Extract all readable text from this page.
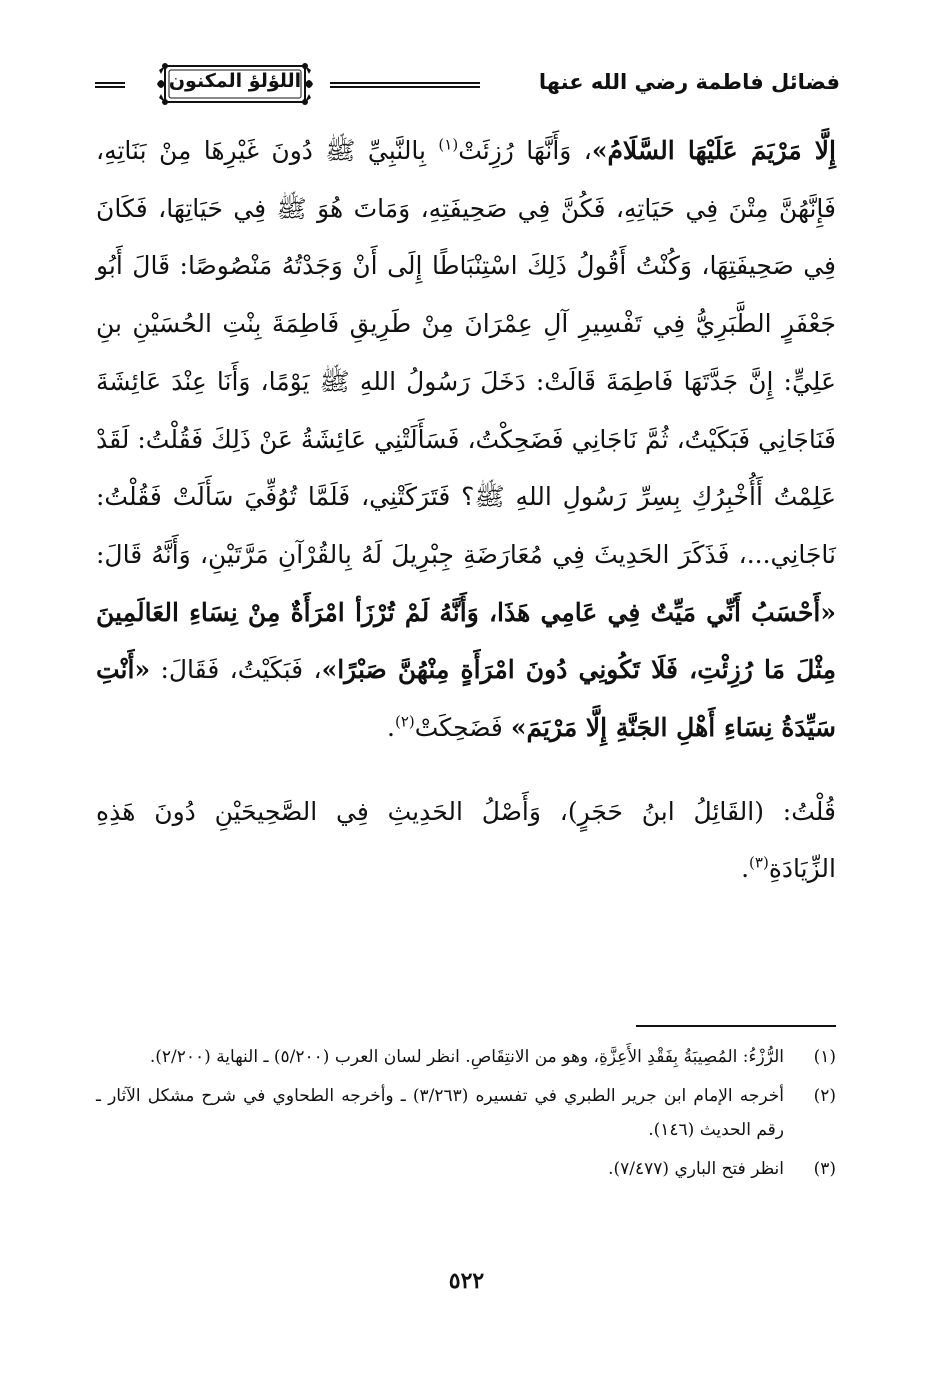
فضائل فاطمة رضي الله عنها
اللؤلؤ المكنون

إِلَّا مَرْيَمَ عَلَيْهَا السَّلَامُ»، وَأَنَّهَا رُزِئَتْ$^{(١)}$ بِالنَّبِيِّ ﷺ دُونَ غَيْرِهَا مِنْ بَنَاتِهِ، فَإِنَّهُنَّ مِتْنَ فِي حَيَاتِهِ، فَكُنَّ فِي صَحِيفَتِهِ، وَمَاتَ هُوَ ﷺ فِي حَيَاتِهَا، فَكَانَ فِي صَحِيفَتِهَا، وَكُنْتُ أَقُولُ ذَلِكَ اسْتِنْبَاطًا إِلَى أَنْ وَجَدْتُهُ مَنْصُوصًا: قَالَ أَبُو جَعْفَرٍ الطَّبَرِيُّ فِي تَفْسِيرِ آلِ عِمْرَانَ مِنْ طَرِيقِ فَاطِمَةَ بِنْتِ الحُسَيْنِ بنِ عَلِيٍّ: إِنَّ جَدَّتَهَا فَاطِمَةَ قَالَتْ: دَخَلَ رَسُولُ اللهِ ﷺ يَوْمًا، وَأَنَا عِنْدَ عَائِشَةَ فَنَاجَانِي فَبَكَيْتُ، ثُمَّ نَاجَانِي فَضَحِكْتُ، فَسَأَلَتْنِي عَائِشَةُ عَنْ ذَلِكَ فَقُلْتُ: لَقَدْ عَلِمْتُ أَأُخْبِرُكِ بِسِرِّ رَسُولِ اللهِ ﷺ؟ فَتَرَكَتْنِي، فَلَمَّا تُوُفِّيَ سَأَلَتْ فَقُلْتُ: نَاجَانِي...، فَذَكَرَ الحَدِيثَ فِي مُعَارَضَةِ جِبْرِيلَ لَهُ بِالقُرْآنِ مَرَّتَيْنِ، وَأَنَّهُ قَالَ: «أَحْسَبُ أَنِّي مَيِّتٌ فِي عَامِي هَذَا، وَأَنَّهُ لَمْ تُرْزَأ امْرَأَةٌ مِنْ نِسَاءِ العَالَمِينَ مِثْلَ مَا رُزِئْتِ، فَلَا تَكُونِي دُونَ امْرَأَةٍ مِنْهُنَّ صَبْرًا»، فَبَكَيْتُ، فَقَالَ: «أَنْتِ سَيِّدَةُ نِسَاءِ أَهْلِ الجَنَّةِ إِلَّا مَرْيَمَ» فَضَحِكَتْ$^{(٢)}$.

قُلْتُ: (القَائِلُ ابنُ حَجَرٍ)، وَأَصْلُ الحَدِيثِ فِي الصَّحِيحَيْنِ دُونَ هَذِهِ الزِّيَادَةِ$^{(٣)}$.

(١)
الرُّزْءُ: المُصِيبَةُ بِفَقْدِ الأَعِزَّةِ، وهو من الانتِقَاصِ. انظر لسان العرب (٥/٢٠٠) ـ النهاية (٢/٢٠٠).
(٢)
أخرجه الإمام ابن جرير الطبري في تفسيره (٣/٢٦٣) ـ وأخرجه الطحاوي في شرح مشكل الآثار ـ رقم الحديث (١٤٦).
(٣)
انظر فتح الباري (٧/٤٧٧).
٥٢٢
